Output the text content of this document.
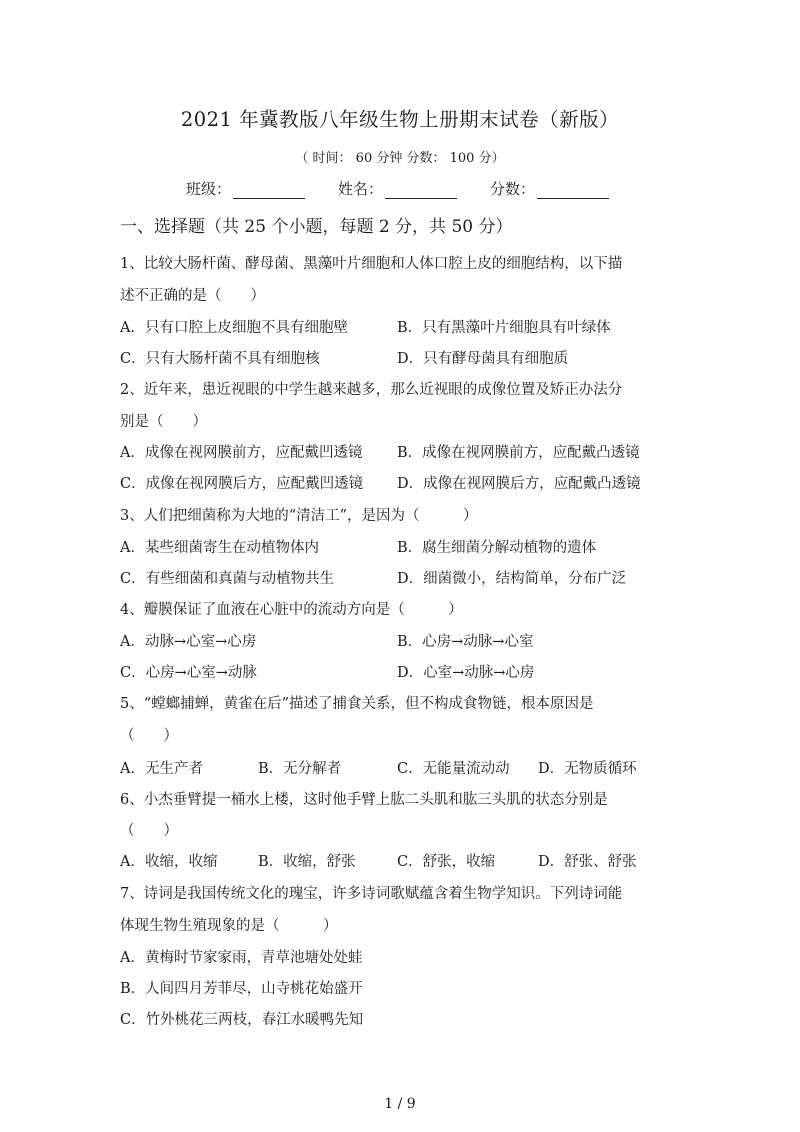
2021 年冀教版八年级生物上册期末试卷（新版）
（ 时间： 60 分钟 分数： 100 分）
班级：	姓名：	分数：
一、选择题（共 25 个小题，每题 2 分，共 50 分）
1、比较大肠杆菌、酵母菌、黑藻叶片细胞和人体口腔上皮的细胞结构，以下描
述不正确的是（　　）
A．只有口腔上皮细胞不具有细胞壁	B．只有黑藻叶片细胞具有叶绿体
C．只有大肠杆菌不具有细胞核	D．只有酵母菌具有细胞质
2、近年来，患近视眼的中学生越来越多，那么近视眼的成像位置及矫正办法分
别是（　　）
A．成像在视网膜前方，应配戴凹透镜 B．成像在视网膜前方，应配戴凸透镜
C．成像在视网膜后方，应配戴凹透镜 D．成像在视网膜后方，应配戴凸透镜
3、人们把细菌称为大地的“清洁工”，是因为（　　　）
A．某些细菌寄生在动植物体内	B．腐生细菌分解动植物的遗体
C．有些细菌和真菌与动植物共生	D．细菌微小，结构简单，分布广泛
4、瓣膜保证了血液在心脏中的流动方向是（　　　）
A．动脉→心室→心房	B．心房→动脉→心室
C．心房→心室→动脉	D．心室→动脉→心房
5、“螳螂捕蝉，黄雀在后”描述了捕食关系，但不构成食物链，根本原因是
（　　）
A．无生产者	B．无分解者	C．无能量流动动 D．无物质循环
6、小杰垂臂提一桶水上楼，这时他手臂上肱二头肌和肱三头肌的状态分别是
（　　）
A．收缩，收缩	B．收缩，舒张	C．舒张，收缩	D．舒张、舒张
7、诗词是我国传统文化的瑰宝，许多诗词歌赋蕴含着生物学知识。下列诗词能
体现生物生殖现象的是（　　　）
A．黄梅时节家家雨，青草池塘处处蛙
B．人间四月芳菲尽，山寺桃花始盛开
C．竹外桃花三两枝，春江水暖鸭先知
1 / 9
